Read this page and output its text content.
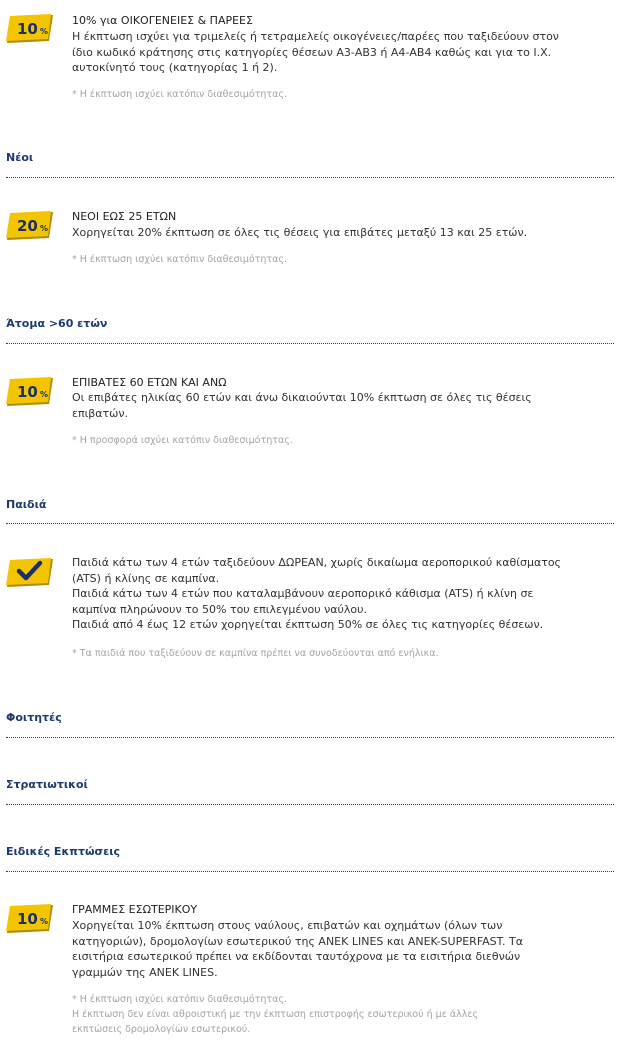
10 %
10% για ΟΙΚΟΓΕΝΕΙΕΣ & ΠΑΡΕΕΣ
Η έκπτωση ισχύει για τριμελείς ή τετραμελείς οικογένειες/παρέες που ταξιδεύουν στον
ίδιο κωδικό κράτησης στις κατηγορίες θέσεων Α3-ΑΒ3 ή Α4-ΑΒ4 καθώς και για το Ι.Χ.
αυτοκίνητό τους (κατηγορίας 1 ή 2).
* Η έκπτωση ισχύει κατόπιν διαθεσιμότητας.
Νέοι
20 %
ΝΕΟΙ ΕΩΣ 25 ΕΤΩΝ
Χορηγείται 20% έκπτωση σε όλες τις θέσεις για επιβάτες μεταξύ 13 και 25 ετών.
* Η έκπτωση ισχύει κατόπιν διαθεσιμότητας.
Άτομα >60 ετών
10 %
ΕΠΙΒΑΤΕΣ 60 ΕΤΩΝ ΚΑΙ ΑΝΩ
Οι επιβάτες ηλικίας 60 ετών και άνω δικαιούνται 10% έκπτωση σε όλες τις θέσεις
επιβατών.
* Η προσφορά ισχύει κατόπιν διαθεσιμότητας.
Παιδιά
Παιδιά κάτω των 4 ετών ταξιδεύουν ΔΩΡΕΑΝ, χωρίς δικαίωμα αεροπορικού καθίσματος
(ATS) ή κλίνης σε καμπίνα.
Παιδιά κάτω των 4 ετών που καταλαμβάνουν αεροπορικό κάθισμα (ATS) ή κλίνη σε
καμπίνα πληρώνουν το 50% του επιλεγμένου ναύλου.
Παιδιά από 4 έως 12 ετών χορηγείται έκπτωση 50% σε όλες τις κατηγορίες θέσεων.
* Τα παιδιά που ταξιδεύουν σε καμπίνα πρέπει να συνοδεύονται από ενήλικα.
Φοιτητές
Στρατιωτικοί
Ειδικές Εκπτώσεις
10 %
ΓΡΑΜΜΕΣ ΕΣΩΤΕΡΙΚΟΥ
Χορηγείται 10% έκπτωση στους ναύλους, επιβατών και οχημάτων (όλων των
κατηγοριών), δρομολογίων εσωτερικού της ANEK LINES και ANEK-SUPERFAST. Τα
εισιτήρια εσωτερικού πρέπει να εκδίδονται ταυτόχρονα με τα εισιτήρια διεθνών
γραμμών της ANEK LINES.
* Η έκπτωση ισχύει κατόπιν διαθεσιμότητας.
Η έκπτωση δεν είναι αθροιστική με την έκπτωση επιστροφής εσωτερικού ή με άλλες
εκπτώσεις δρομολογίων εσωτερικού.
